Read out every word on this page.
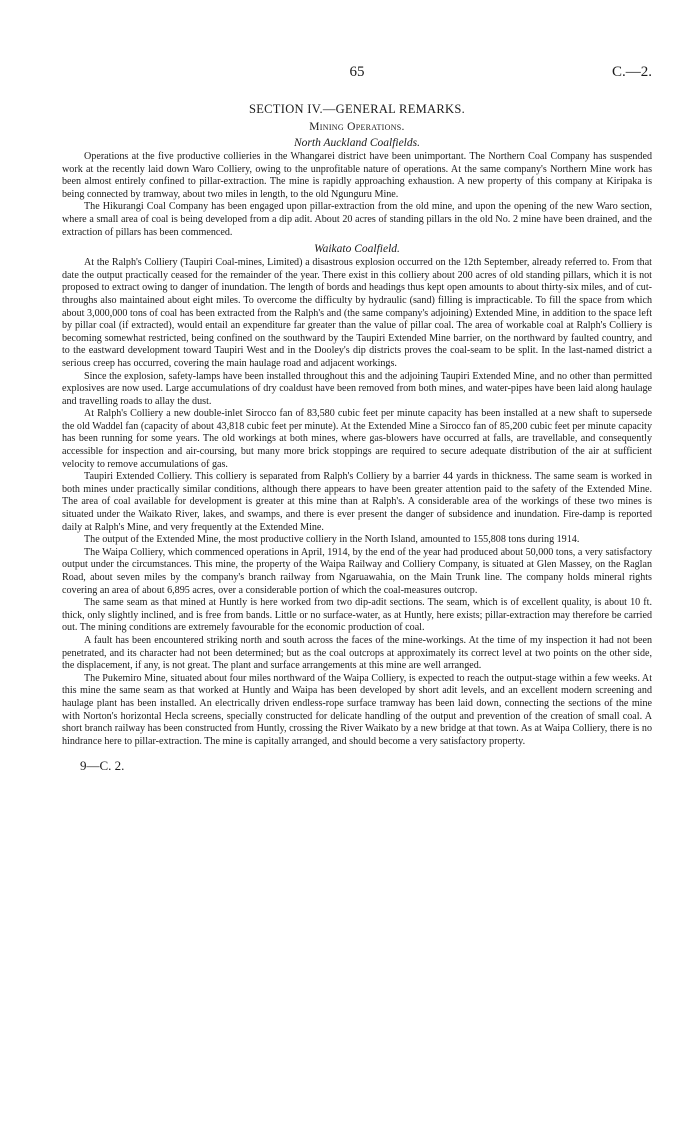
65	C.—2.
SECTION IV.—GENERAL REMARKS.
Mining Operations.
North Auckland Coalfields.

Operations at the five productive collieries in the Whangarei district have been unimportant. The Northern Coal Company has suspended work at the recently laid down Waro Colliery, owing to the unprofitable nature of operations. At the same company's Northern Mine work has been almost entirely confined to pillar-extraction. The mine is rapidly approaching exhaustion. A new property of this company at Kiripaka is being connected by tramway, about two miles in length, to the old Ngunguru Mine.

The Hikurangi Coal Company has been engaged upon pillar-extraction from the old mine, and upon the opening of the new Waro section, where a small area of coal is being developed from a dip adit. About 20 acres of standing pillars in the old No. 2 mine have been drained, and the extraction of pillars has been commenced.

Waikato Coalfield.

At the Ralph's Colliery (Taupiri Coal-mines, Limited) a disastrous explosion occurred on the 12th September, already referred to. From that date the output practically ceased for the remainder of the year. There exist in this colliery about 200 acres of old standing pillars, which it is not proposed to extract owing to danger of inundation. The length of bords and headings thus kept open amounts to about thirty-six miles, and of cut-throughs also maintained about eight miles. To overcome the difficulty by hydraulic (sand) filling is impracticable. To fill the space from which about 3,000,000 tons of coal has been extracted from the Ralph's and (the same company's adjoining) Extended Mine, in addition to the space left by pillar coal (if extracted), would entail an expenditure far greater than the value of pillar coal. The area of workable coal at Ralph's Colliery is becoming somewhat restricted, being confined on the southward by the Taupiri Extended Mine barrier, on the northward by faulted country, and to the eastward development toward Taupiri West and in the Dooley's dip districts proves the coal-seam to be split. In the last-named district a serious creep has occurred, covering the main haulage road and adjacent workings.

Since the explosion, safety-lamps have been installed throughout this and the adjoining Taupiri Extended Mine, and no other than permitted explosives are now used. Large accumulations of dry coaldust have been removed from both mines, and water-pipes have been laid along haulage and travelling roads to allay the dust.

At Ralph's Colliery a new double-inlet Sirocco fan of 83,580 cubic feet per minute capacity has been installed at a new shaft to supersede the old Waddel fan (capacity of about 43,818 cubic feet per minute). At the Extended Mine a Sirocco fan of 85,200 cubic feet per minute capacity has been running for some years. The old workings at both mines, where gas-blowers have occurred at falls, are travellable, and consequently accessible for inspection and air-coursing, but many more brick stoppings are required to secure adequate distribution of the air at sufficient velocity to remove accumulations of gas.

Taupiri Extended Colliery. This colliery is separated from Ralph's Colliery by a barrier 44 yards in thickness. The same seam is worked in both mines under practically similar conditions, although there appears to have been greater attention paid to the safety of the Extended Mine. The area of coal available for development is greater at this mine than at Ralph's. A considerable area of the workings of these two mines is situated under the Waikato River, lakes, and swamps, and there is ever present the danger of subsidence and inundation. Fire-damp is reported daily at Ralph's Mine, and very frequently at the Extended Mine.

The output of the Extended Mine, the most productive colliery in the North Island, amounted to 155,808 tons during 1914.

The Waipa Colliery, which commenced operations in April, 1914, by the end of the year had produced about 50,000 tons, a very satisfactory output under the circumstances. This mine, the property of the Waipa Railway and Colliery Company, is situated at Glen Massey, on the Raglan Road, about seven miles by the company's branch railway from Ngaruawahia, on the Main Trunk line. The company holds mineral rights covering an area of about 6,895 acres, over a considerable portion of which the coal-measures outcrop.

The same seam as that mined at Huntly is here worked from two dip-adit sections. The seam, which is of excellent quality, is about 10 ft. thick, only slightly inclined, and is free from bands. Little or no surface-water, as at Huntly, here exists; pillar-extraction may therefore be carried out. The mining conditions are extremely favourable for the economic production of coal.

A fault has been encountered striking north and south across the faces of the mine-workings. At the time of my inspection it had not been penetrated, and its character had not been determined; but as the coal outcrops at approximately its correct level at two points on the other side, the displacement, if any, is not great. The plant and surface arrangements at this mine are well arranged.

The Pukemiro Mine, situated about four miles northward of the Waipa Colliery, is expected to reach the output-stage within a few weeks. At this mine the same seam as that worked at Huntly and Waipa has been developed by short adit levels, and an excellent modern screening and haulage plant has been installed. An electrically driven endless-rope surface tramway has been laid down, connecting the sections of the mine with Norton's horizontal Hecla screens, specially constructed for delicate handling of the output and prevention of the creation of small coal. A short branch railway has been constructed from Huntly, crossing the River Waikato by a new bridge at that town. As at Waipa Colliery, there is no hindrance here to pillar-extraction. The mine is capitally arranged, and should become a very satisfactory property.

9—C. 2.
